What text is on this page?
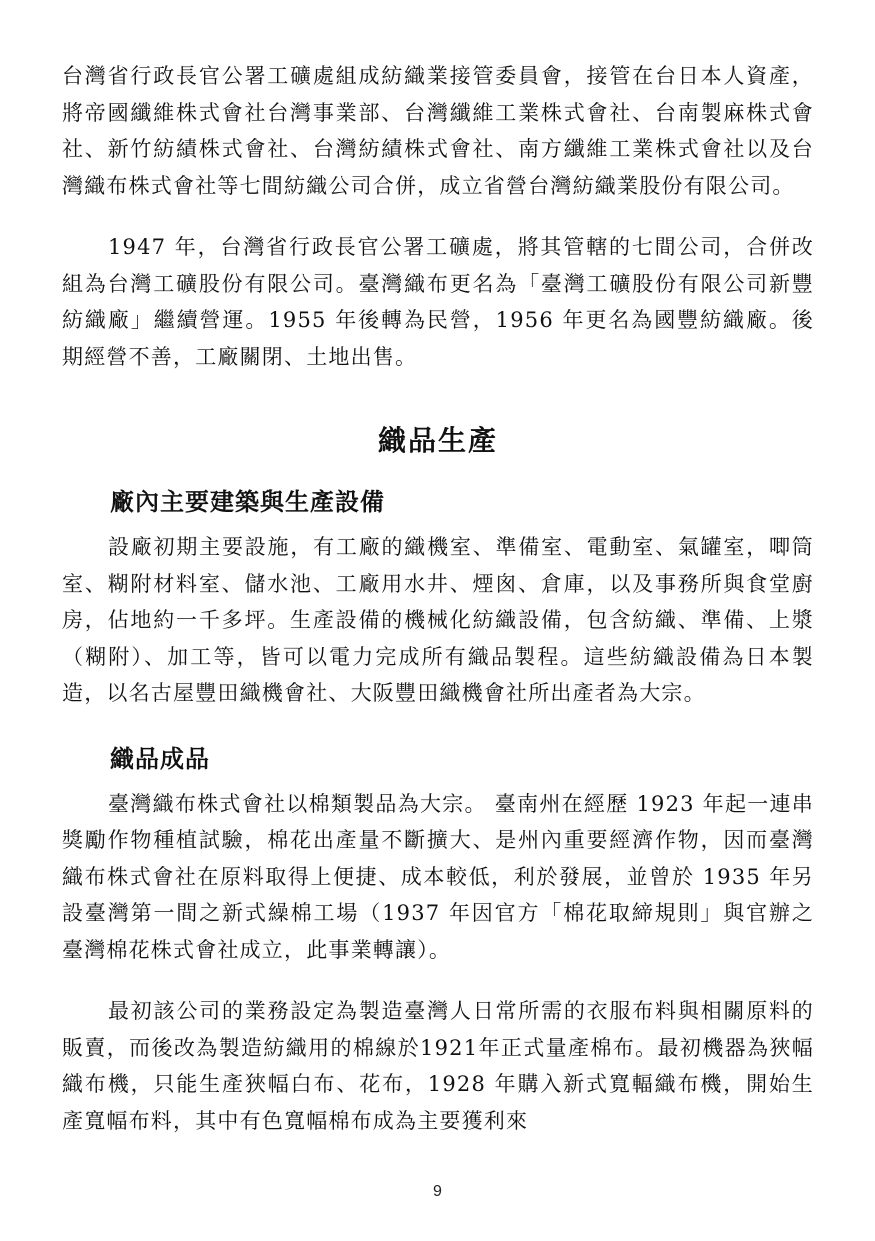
台灣省行政長官公署工礦處組成紡織業接管委員會，接管在台日本人資產，將帝國纖維株式會社台灣事業部、台灣纖維工業株式會社、台南製麻株式會社、新竹紡績株式會社、台灣紡績株式會社、南方纖維工業株式會社以及台灣織布株式會社等七間紡織公司合併，成立省營台灣紡織業股份有限公司。

1947 年，台灣省行政長官公署工礦處，將其管轄的七間公司，合併改組為台灣工礦股份有限公司。臺灣織布更名為「臺灣工礦股份有限公司新豐紡織廠」繼續營運。1955 年後轉為民營，1956 年更名為國豐紡織廠。後期經營不善，工廠關閉、土地出售。

織品生產
廠內主要建築與生產設備

設廠初期主要設施，有工廠的織機室、準備室、電動室、氣罐室，唧筒室、糊附材料室、儲水池、工廠用水井、煙囪、倉庫，以及事務所與食堂廚房，佔地約一千多坪。生產設備的機械化紡織設備，包含紡織、準備、上漿（糊附）、加工等，皆可以電力完成所有織品製程。這些紡織設備為日本製造，以名古屋豐田織機會社、大阪豐田織機會社所出產者為大宗。

織品成品

臺灣織布株式會社以棉類製品為大宗。 臺南州在經歷 1923 年起一連串獎勵作物種植試驗，棉花出產量不斷擴大、是州內重要經濟作物，因而臺灣織布株式會社在原料取得上便捷、成本較低，利於發展，並曾於 1935 年另設臺灣第一間之新式繰棉工場（1937 年因官方「棉花取締規則」與官辦之臺灣棉花株式會社成立，此事業轉讓）。

最初該公司的業務設定為製造臺灣人日常所需的衣服布料與相關原料的販賣，而後改為製造紡織用的棉線於1921年正式量產棉布。最初機器為狹幅織布機，只能生產狹幅白布、花布，1928 年購入新式寬輻織布機，開始生產寬幅布料，其中有色寬幅棉布成為主要獲利來

9
